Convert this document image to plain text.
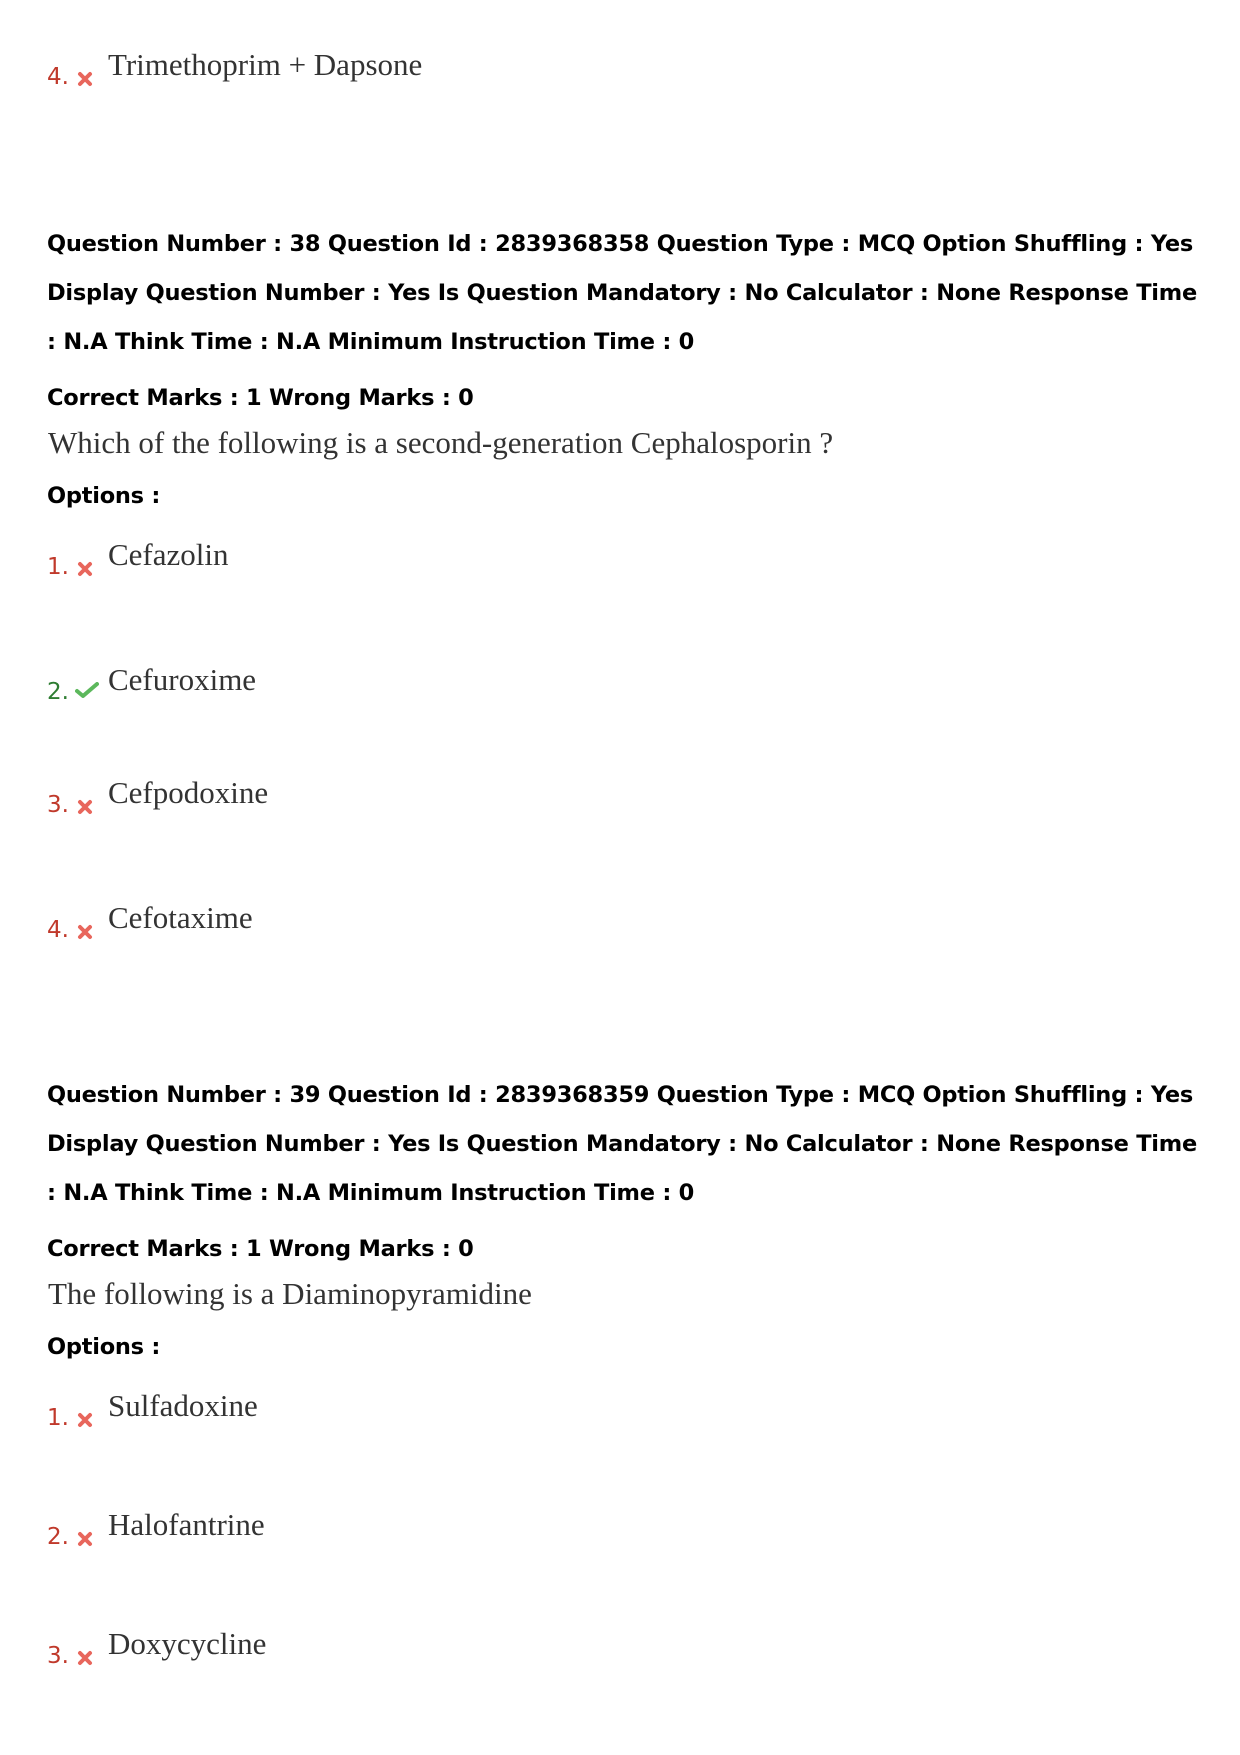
4. Trimethoprim + Dapsone
Question Number : 38 Question Id : 2839368358 Question Type : MCQ Option Shuffling : Yes
Display Question Number : Yes Is Question Mandatory : No Calculator : None Response Time
: N.A Think Time : N.A Minimum Instruction Time : 0
Correct Marks : 1 Wrong Marks : 0
Which of the following is a second-generation Cephalosporin ?
Options :
1. Cefazolin
2. Cefuroxime
3. Cefpodoxine
4. Cefotaxime
Question Number : 39 Question Id : 2839368359 Question Type : MCQ Option Shuffling : Yes
Display Question Number : Yes Is Question Mandatory : No Calculator : None Response Time
: N.A Think Time : N.A Minimum Instruction Time : 0
Correct Marks : 1 Wrong Marks : 0
The following is a Diaminopyramidine
Options :
1. Sulfadoxine
2. Halofantrine
3. Doxycycline
